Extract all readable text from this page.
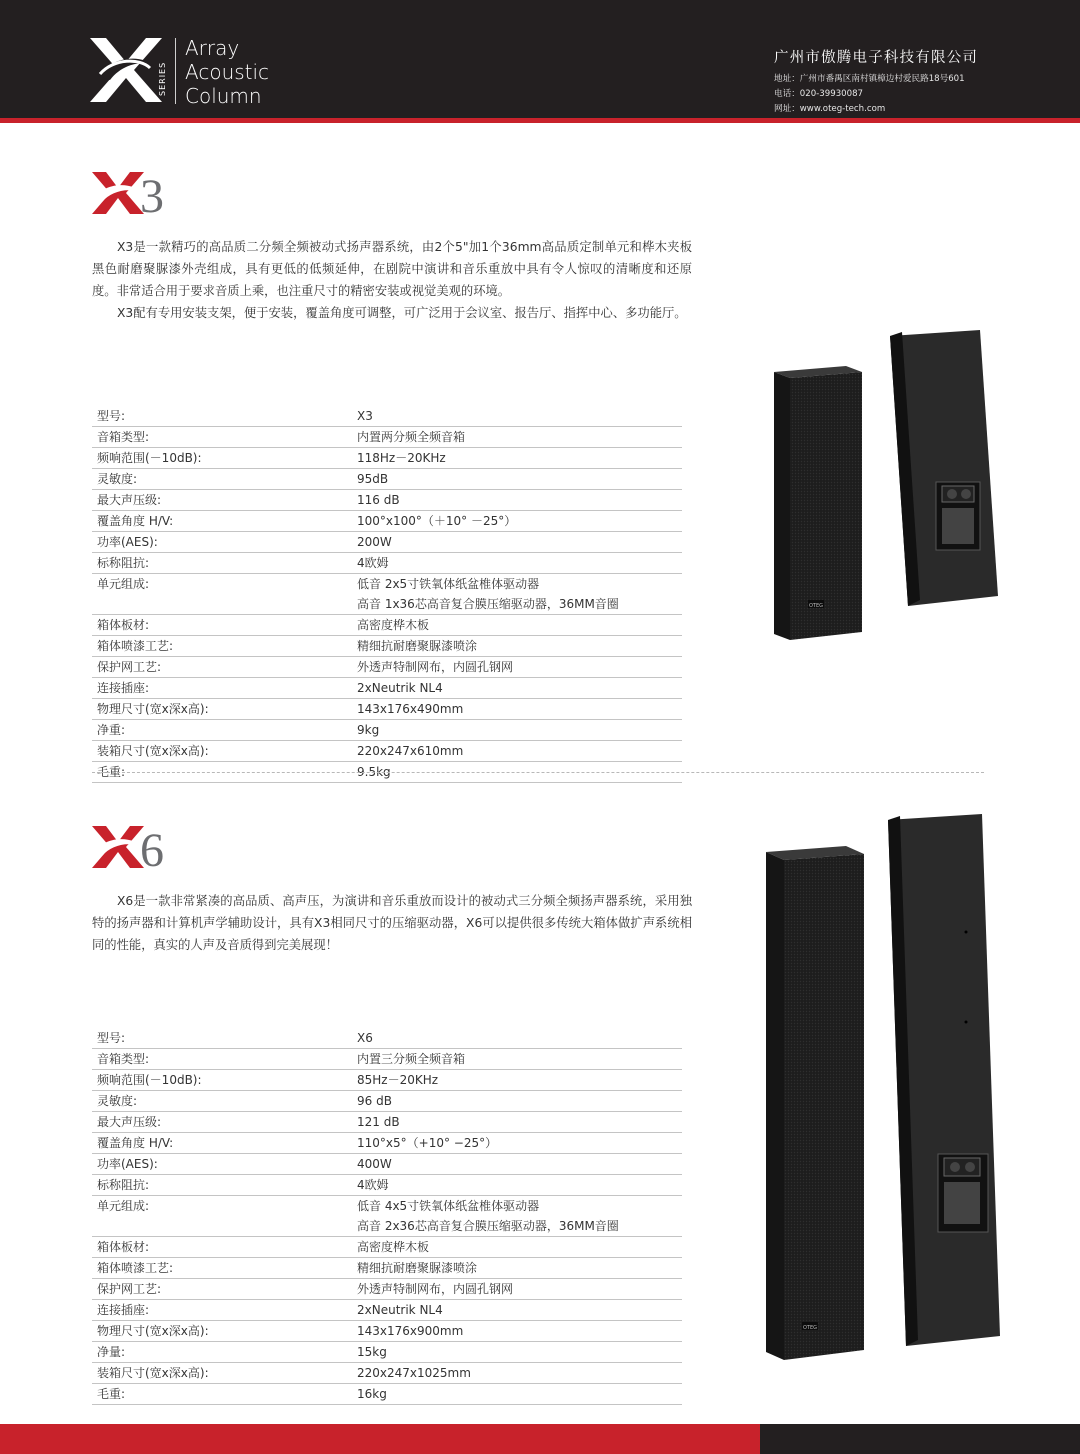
SERIES
Array
Acoustic
Column
广州市傲腾电子科技有限公司
地址：广州市番禺区南村镇樟边村爱民路18号601
电话：020-39930087
网址：www.oteg-tech.com
3

X3是一款精巧的高品质二分频全频被动式扬声器系统，由2个5"加1个36mm高品质定制单元和桦木夹板黑色耐磨聚脲漆外壳组成，具有更低的低频延伸，在剧院中演讲和音乐重放中具有令人惊叹的清晰度和还原度。非常适合用于要求音质上乘，也注重尺寸的精密安装或视觉美观的环境。

X3配有专用安装支架，便于安装，覆盖角度可调整，可广泛用于会议室、报告厅、指挥中心、多功能厅。

型号:	X3
音箱类型:	内置两分频全频音箱
频响范围(－10dB):	118Hz－20KHz
灵敏度:	95dB
最大声压级:	116 dB
覆盖角度 H/V:	100°x100°（＋10° －25°）
功率(AES):	200W
标称阻抗:	4欧姆
单元组成:	低音 2x5寸铁氧体纸盆椎体驱动器
高音 1x36芯高音复合膜压缩驱动器，36MM音圈
箱体板材:	高密度桦木板
箱体喷漆工艺:	精细抗耐磨聚脲漆喷涂
保护网工艺:	外透声特制网布，内圆孔钢网
连接插座:	2xNeutrik NL4
物理尺寸(宽x深x高):	143x176x490mm
净重:	9kg
装箱尺寸(宽x深x高):	220x247x610mm
毛重:	9.5kg
OTEG
6

X6是一款非常紧凑的高品质、高声压，为演讲和音乐重放而设计的被动式三分频全频扬声器系统，采用独特的扬声器和计算机声学辅助设计，具有X3相同尺寸的压缩驱动器，X6可以提供很多传统大箱体做扩声系统相同的性能，真实的人声及音质得到完美展现！

型号:	X6
音箱类型:	内置三分频全频音箱
频响范围(－10dB):	85Hz－20KHz
灵敏度:	96 dB
最大声压级:	121 dB
覆盖角度 H/V:	110°x5°（+10° −25°）
功率(AES):	400W
标称阻抗:	4欧姆
单元组成:	低音 4x5寸铁氧体纸盆椎体驱动器
高音 2x36芯高音复合膜压缩驱动器，36MM音圈
箱体板材:	高密度桦木板
箱体喷漆工艺:	精细抗耐磨聚脲漆喷涂
保护网工艺:	外透声特制网布，内圆孔钢网
连接插座:	2xNeutrik NL4
物理尺寸(宽x深x高):	143x176x900mm
净量:	15kg
装箱尺寸(宽x深x高):	220x247x1025mm
毛重:	16kg
OTEG
